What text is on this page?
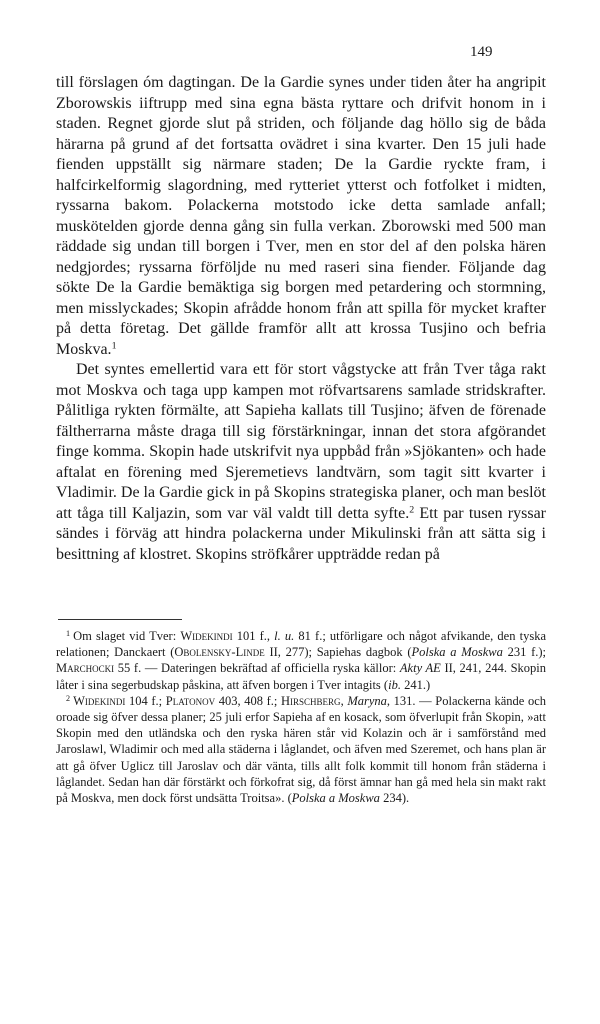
149

till förslagen óm dagtingan. De la Gardie synes under tiden åter ha angripit Zborowskis iiftrupp med sina egna bästa ryttare och drifvit honom in i staden. Regnet gjorde slut på striden, och följande dag höllo sig de båda härarna på grund af det fortsatta ovädret i sina kvarter. Den 15 juli hade fienden uppställt sig närmare staden; De la Gardie ryckte fram, i halfcirkelformig slagordning, med rytteriet ytterst och fotfolket i midten, ryssarna bakom. Polackerna motstodo icke detta samlade anfall; muskötelden gjorde denna gång sin fulla verkan. Zborowski med 500 man räddade sig undan till borgen i Tver, men en stor del af den polska hären nedgjordes; ryssarna förföljde nu med raseri sina fiender. Följande dag sökte De la Gardie bemäktiga sig borgen med petardering och stormning, men misslyckades; Skopin afrådde honom från att spilla för mycket krafter på detta företag. Det gällde framför allt att krossa Tusjino och befria Moskva.$^1$

Det syntes emellertid vara ett för stort vågstycke att från Tver tåga rakt mot Moskva och taga upp kampen mot röfvartsarens samlade stridskrafter. Pålitliga rykten förmälte, att Sapieha kallats till Tusjino; äfven de förenade fältherrarna måste draga till sig förstärkningar, innan det stora afgörandet finge komma. Skopin hade utskrifvit nya uppbåd från »Sjökanten» och hade aftalat en förening med Sjeremetievs landtvärn, som tagit sitt kvarter i Vladimir. De la Gardie gick in på Skopins strategiska planer, och man beslöt att tåga till Kaljazin, som var väl valdt till detta syfte.$^2$ Ett par tusen ryssar sändes i förväg att hindra polackerna under Mikulinski från att sätta sig i besittning af klostret. Skopins ströfkårer uppträdde redan på

$^1$ Om slaget vid Tver: Widekindi 101 f., l. u. 81 f.; utförligare och något afvikande, den tyska relationen; Danckaert (Obolensky-Linde II, 277); Sapiehas dagbok (Polska a Moskwa 231 f.); Marchocki 55 f. — Dateringen bekräftad af officiella ryska källor: Akty AE II, 241, 244. Skopin låter i sina segerbudskap påskina, att äfven borgen i Tver intagits (ib. 241.)

$^2$ Widekindi 104 f.; Platonov 403, 408 f.; Hirschberg, Maryna, 131. — Polackerna kände och oroade sig öfver dessa planer; 25 juli erfor Sapieha af en kosack, som öfverlupit från Skopin, »att Skopin med den utländska och den ryska hären står vid Kolazin och är i samförstånd med Jaroslawl, Wladimir och med alla städerna i låglandet, och äfven med Szeremet, och hans plan är att gå öfver Uglicz till Jaroslav och där vänta, tills allt folk kommit till honom från städerna i låglandet. Sedan han där förstärkt och förkofrat sig, då först ämnar han gå med hela sin makt rakt på Moskva, men dock först undsätta Troitsa». (Polska a Moskwa 234).
